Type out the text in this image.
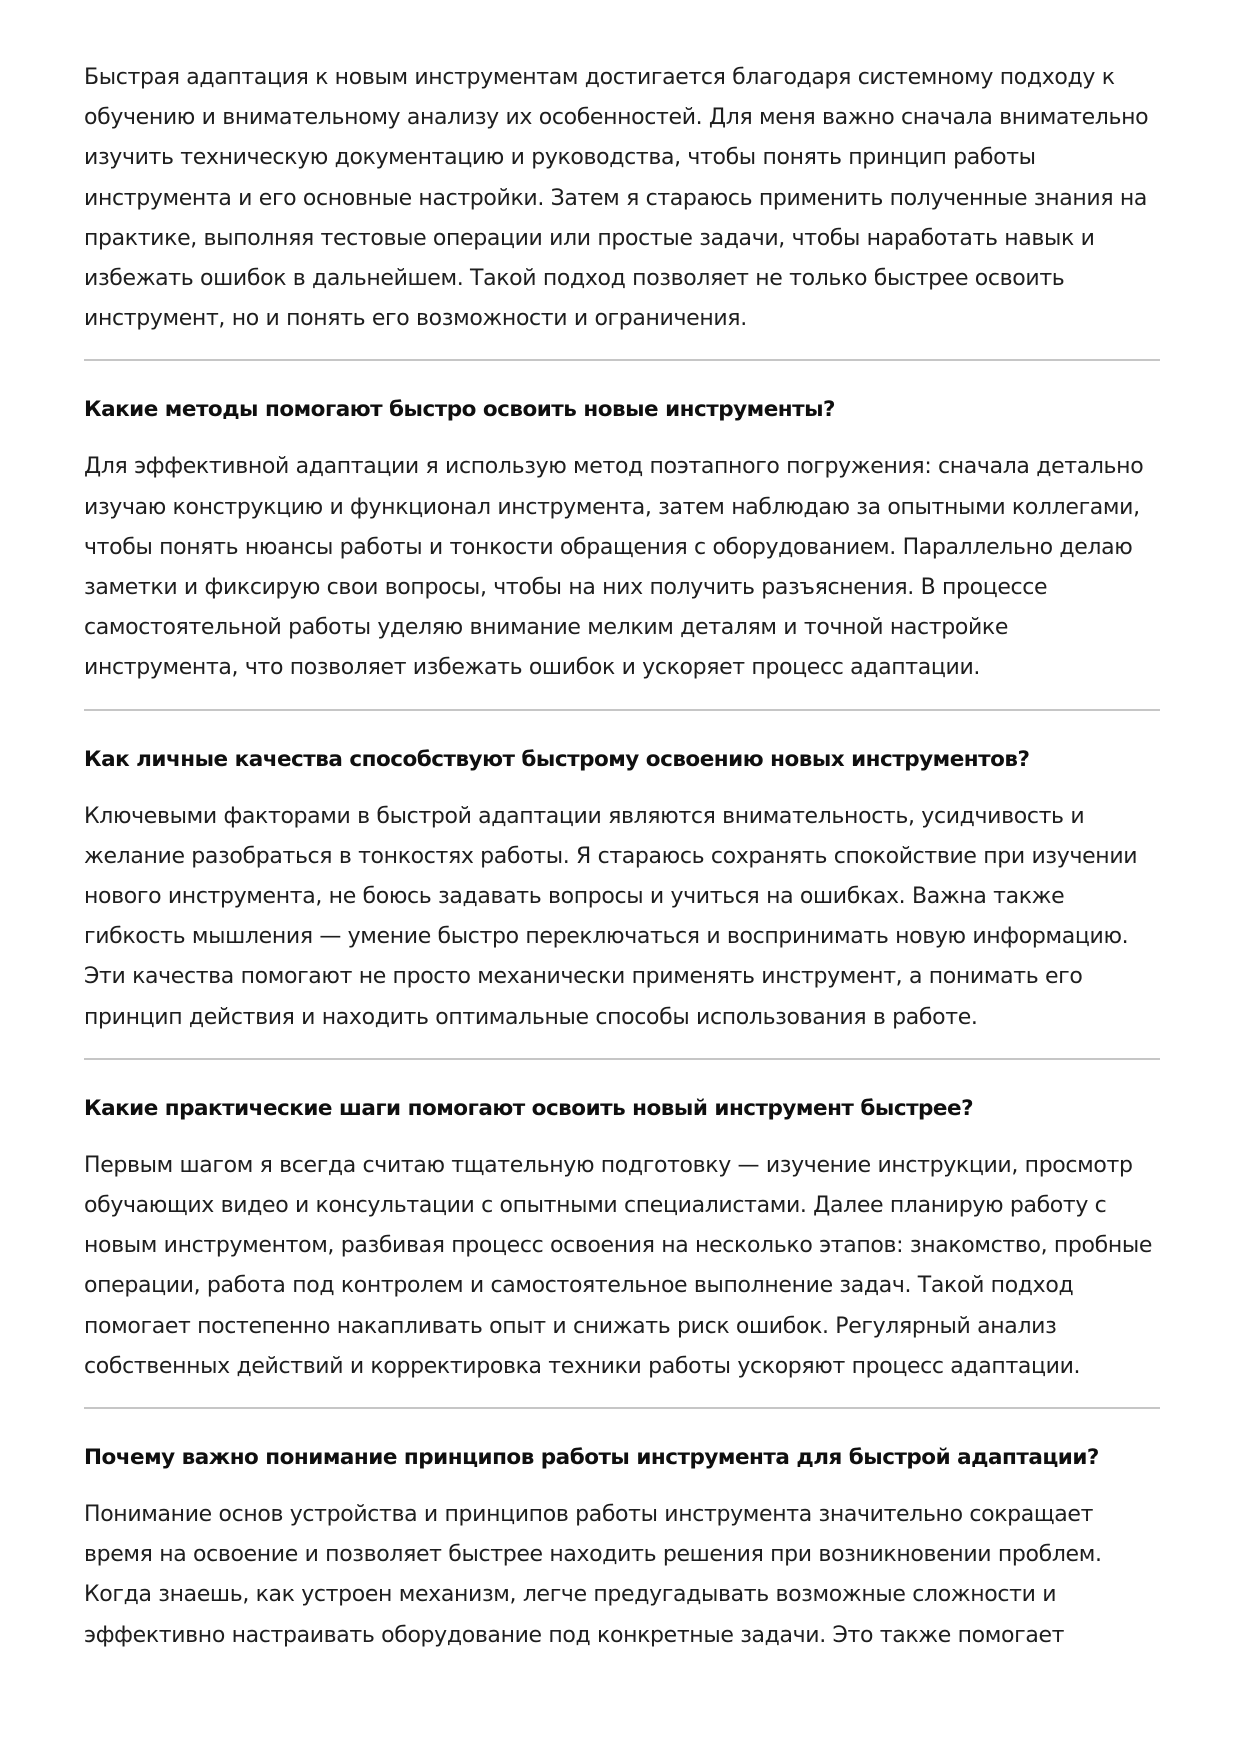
Быстрая адаптация к новым инструментам достигается благодаря системному подходу к обучению и внимательному анализу их особенностей. Для меня важно сначала внимательно изучить техническую документацию и руководства, чтобы понять принцип работы инструмента и его основные настройки. Затем я стараюсь применить полученные знания на практике, выполняя тестовые операции или простые задачи, чтобы наработать навык и избежать ошибок в дальнейшем. Такой подход позволяет не только быстрее освоить инструмент, но и понять его возможности и ограничения.

Какие методы помогают быстро освоить новые инструменты?

Для эффективной адаптации я использую метод поэтапного погружения: сначала детально изучаю конструкцию и функционал инструмента, затем наблюдаю за опытными коллегами, чтобы понять нюансы работы и тонкости обращения с оборудованием. Параллельно делаю заметки и фиксирую свои вопросы, чтобы на них получить разъяснения. В процессе самостоятельной работы уделяю внимание мелким деталям и точной настройке инструмента, что позволяет избежать ошибок и ускоряет процесс адаптации.

Как личные качества способствуют быстрому освоению новых инструментов?

Ключевыми факторами в быстрой адаптации являются внимательность, усидчивость и желание разобраться в тонкостях работы. Я стараюсь сохранять спокойствие при изучении нового инструмента, не боюсь задавать вопросы и учиться на ошибках. Важна также гибкость мышления — умение быстро переключаться и воспринимать новую информацию. Эти качества помогают не просто механически применять инструмент, а понимать его принцип действия и находить оптимальные способы использования в работе.

Какие практические шаги помогают освоить новый инструмент быстрее?

Первым шагом я всегда считаю тщательную подготовку — изучение инструкции, просмотр обучающих видео и консультации с опытными специалистами. Далее планирую работу с новым инструментом, разбивая процесс освоения на несколько этапов: знакомство, пробные операции, работа под контролем и самостоятельное выполнение задач. Такой подход помогает постепенно накапливать опыт и снижать риск ошибок. Регулярный анализ собственных действий и корректировка техники работы ускоряют процесс адаптации.

Почему важно понимание принципов работы инструмента для быстрой адаптации?

Понимание основ устройства и принципов работы инструмента значительно сокращает время на освоение и позволяет быстрее находить решения при возникновении проблем. Когда знаешь, как устроен механизм, легче предугадывать возможные сложности и эффективно настраивать оборудование под конкретные задачи. Это также помогает
